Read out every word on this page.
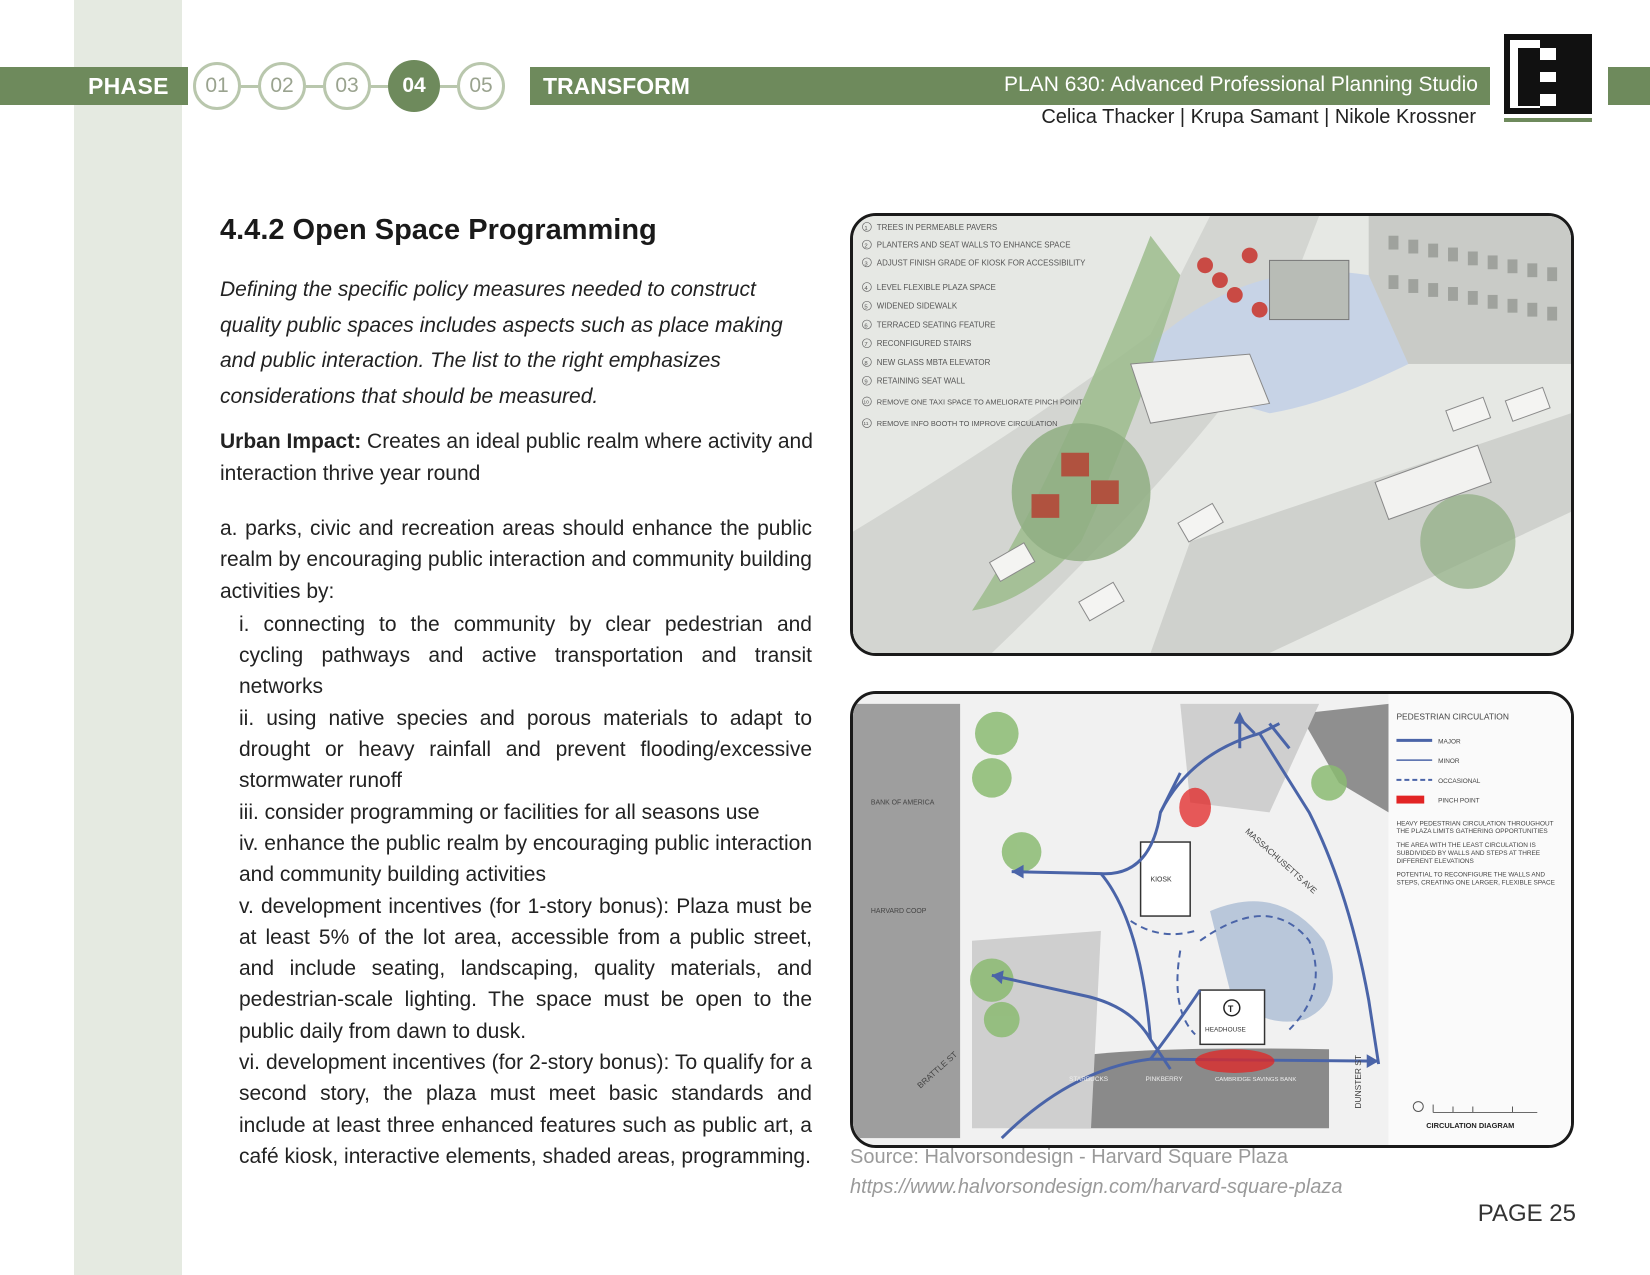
PHASE	01	02	03	04	05	TRANSFORM	PLAN 630: Advanced Professional Planning Studio
Celica Thacker | Krupa Samant | Nikole Krossner
4.4.2 Open Space Programming

Defining the specific policy measures needed to construct quality public spaces includes aspects such as place making and public interaction. The list to the right emphasizes considerations that should be measured.

Urban Impact: Creates an ideal public realm where activity and interaction thrive year round

a. parks, civic and recreation areas should enhance the public realm by encouraging public interaction and community building activities by:

i. connecting to the community by clear pedestrian and cycling pathways and active transportation and transit networks

ii. using native species and porous materials to adapt to drought or heavy rainfall and prevent flooding/excessive stormwater runoff

iii. consider programming or facilities for all seasons use

iv. enhance the public realm by encouraging public interaction and community building activities

v. development incentives (for 1-story bonus): Plaza must be at least 5% of the lot area, accessible from a public street, and include seating, landscaping, quality materials, and pedestrian-scale lighting. The space must be open to the public daily from dawn to dusk.

vi. development incentives (for 2-story bonus): To qualify for a second story, the plaza must meet basic standards and include at least three enhanced features such as public art, a café kiosk, interactive elements, shaded areas, programming.

1 TREES IN PERMEABLE PAVERS
2 PLANTERS AND SEAT WALLS TO ENHANCE SPACE
3 ADJUST FINISH GRADE OF KIOSK FOR ACCESSIBILITY
4 LEVEL FLEXIBLE PLAZA SPACE
5 WIDENED SIDEWALK
6 TERRACED SEATING FEATURE
7 RECONFIGURED STAIRS
8 NEW GLASS MBTA ELEVATOR
9 RETAINING SEAT WALL
10 REMOVE ONE TAXI SPACE TO AMELIORATE PINCH POINT
11 REMOVE INFO BOOTH TO IMPROVE CIRCULATION
KIOSK
T
HEADHOUSE
BANK OF AMERICA
HARVARD COOP
MASSACHUSETTS AVE
BRATTLE ST	DUNSTER ST
STARBUCKS	PINKBERRY	CAMBRIDGE SAVINGS BANK
PEDESTRIAN CIRCULATION
MAJOR
MINOR
OCCASIONAL
PINCH POINT
HEAVY PEDESTRIAN CIRCULATION THROUGHOUT THE PLAZA LIMITS GATHERING OPPORTUNITIES
THE AREA WITH THE LEAST CIRCULATION IS SUBDIVIDED BY WALLS AND STEPS AT THREE DIFFERENT ELEVATIONS
POTENTIAL TO RECONFIGURE THE WALLS AND STEPS, CREATING ONE LARGER, FLEXIBLE SPACE
CIRCULATION DIAGRAM
Source: Halvorsondesign - Harvard Square Plaza
https://www.halvorsondesign.com/harvard-square-plaza
PAGE 25
